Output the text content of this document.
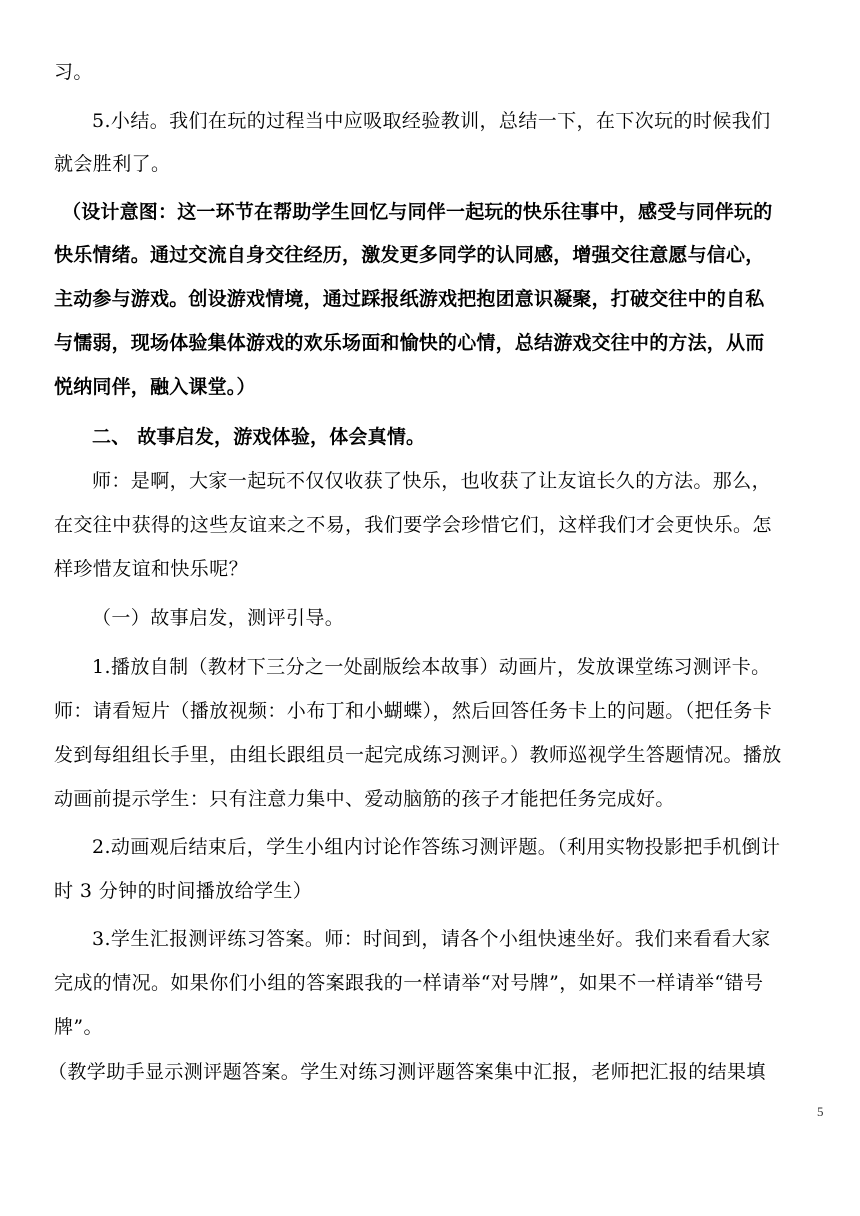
习。
5.小结。我们在玩的过程当中应吸取经验教训，总结一下，在下次玩的时候我们
就会胜利了。
（设计意图：这一环节在帮助学生回忆与同伴一起玩的快乐往事中，感受与同伴玩的
快乐情绪。通过交流自身交往经历，激发更多同学的认同感，增强交往意愿与信心，
主动参与游戏。创设游戏情境，通过踩报纸游戏把抱团意识凝聚，打破交往中的自私
与懦弱，现场体验集体游戏的欢乐场面和愉快的心情，总结游戏交往中的方法，从而
悦纳同伴，融入课堂。）
二、 故事启发，游戏体验，体会真情。
师：是啊，大家一起玩不仅仅收获了快乐，也收获了让友谊长久的方法。那么，
在交往中获得的这些友谊来之不易，我们要学会珍惜它们，这样我们才会更快乐。怎
样珍惜友谊和快乐呢？
（一）故事启发，测评引导。
1.播放自制（教材下三分之一处副版绘本故事）动画片，发放课堂练习测评卡。
师：请看短片（播放视频：小布丁和小蝴蝶），然后回答任务卡上的问题。（把任务卡
发到每组组长手里，由组长跟组员一起完成练习测评。）教师巡视学生答题情况。播放
动画前提示学生：只有注意力集中、爱动脑筋的孩子才能把任务完成好。
2.动画观后结束后，学生小组内讨论作答练习测评题。（利用实物投影把手机倒计
时 3 分钟的时间播放给学生）
3.学生汇报测评练习答案。师：时间到，请各个小组快速坐好。我们来看看大家
完成的情况。如果你们小组的答案跟我的一样请举“对号牌”，如果不一样请举“错号
牌”。
（教学助手显示测评题答案。学生对练习测评题答案集中汇报，老师把汇报的结果填
5
